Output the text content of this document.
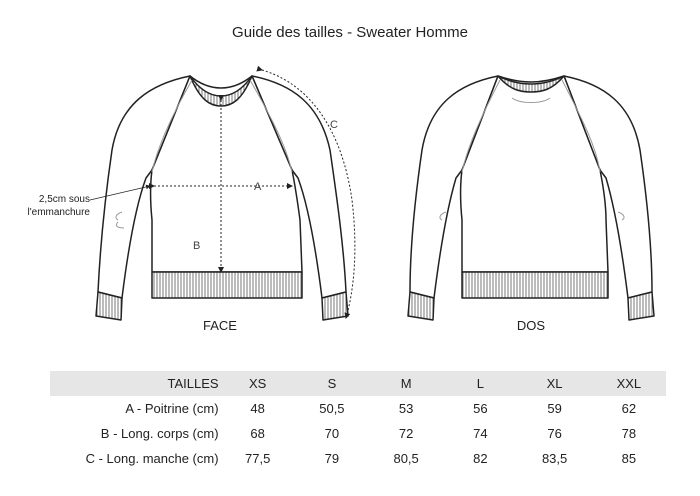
Guide des tailles - Sweater Homme
A
B
C
FACE	DOS
2,5cm sous
l'emmanchure
TAILLES	XS	S	M	L	XL	XXL
A - Poitrine (cm)	48	50,5	53	56	59	62
B - Long. corps (cm)	68	70	72	74	76	78
C - Long. manche (cm)	77,5	79	80,5	82	83,5	85
